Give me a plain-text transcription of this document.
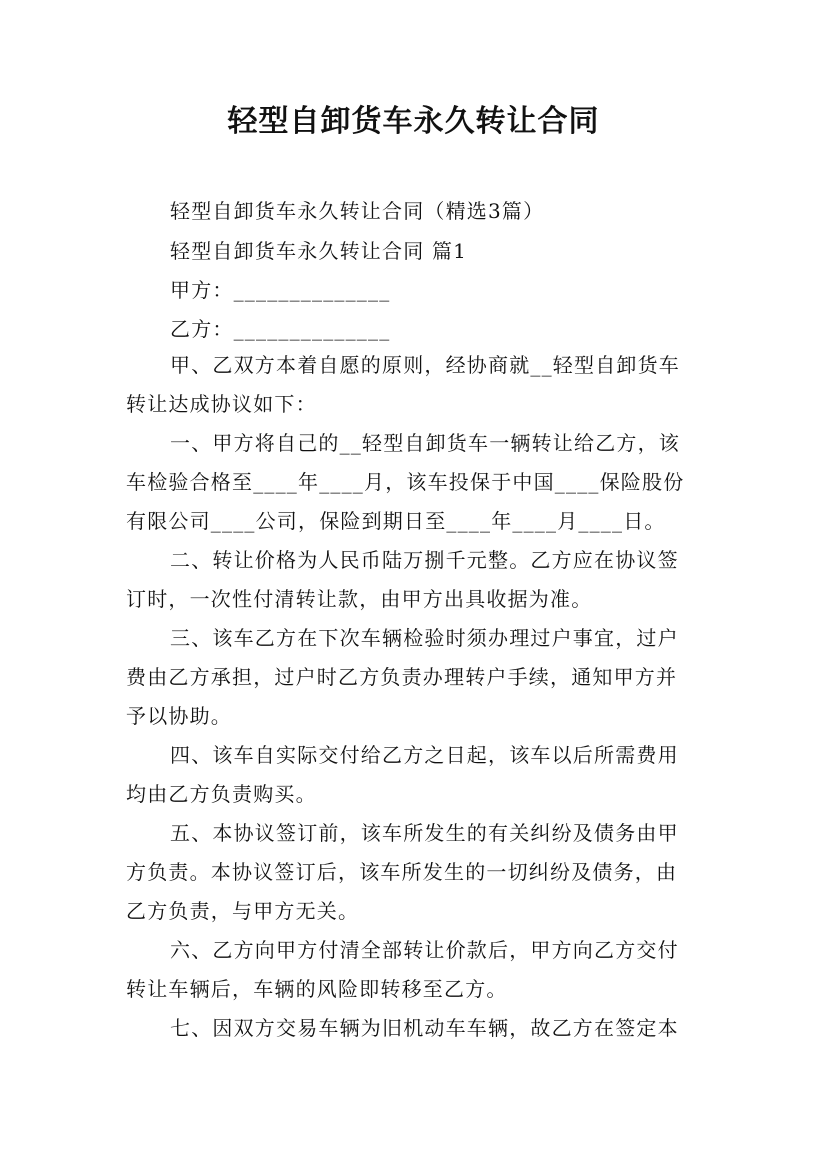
轻型自卸货车永久转让合同
轻型自卸货车永久转让合同（精选3篇）
轻型自卸货车永久转让合同 篇1
甲方：______________
乙方：______________
甲、乙双方本着自愿的原则，经协商就__轻型自卸货车
转让达成协议如下：
一、甲方将自己的__轻型自卸货车一辆转让给乙方，该
车检验合格至____年____月，该车投保于中国____保险股份
有限公司____公司，保险到期日至____年____月____日。
二、转让价格为人民币陆万捌千元整。乙方应在协议签
订时，一次性付清转让款，由甲方出具收据为准。
三、该车乙方在下次车辆检验时须办理过户事宜，过户
费由乙方承担，过户时乙方负责办理转户手续，通知甲方并
予以协助。
四、该车自实际交付给乙方之日起，该车以后所需费用
均由乙方负责购买。
五、本协议签订前，该车所发生的有关纠纷及债务由甲
方负责。本协议签订后，该车所发生的一切纠纷及债务，由
乙方负责，与甲方无关。
六、乙方向甲方付清全部转让价款后，甲方向乙方交付
转让车辆后，车辆的风险即转移至乙方。
七、因双方交易车辆为旧机动车车辆，故乙方在签定本
